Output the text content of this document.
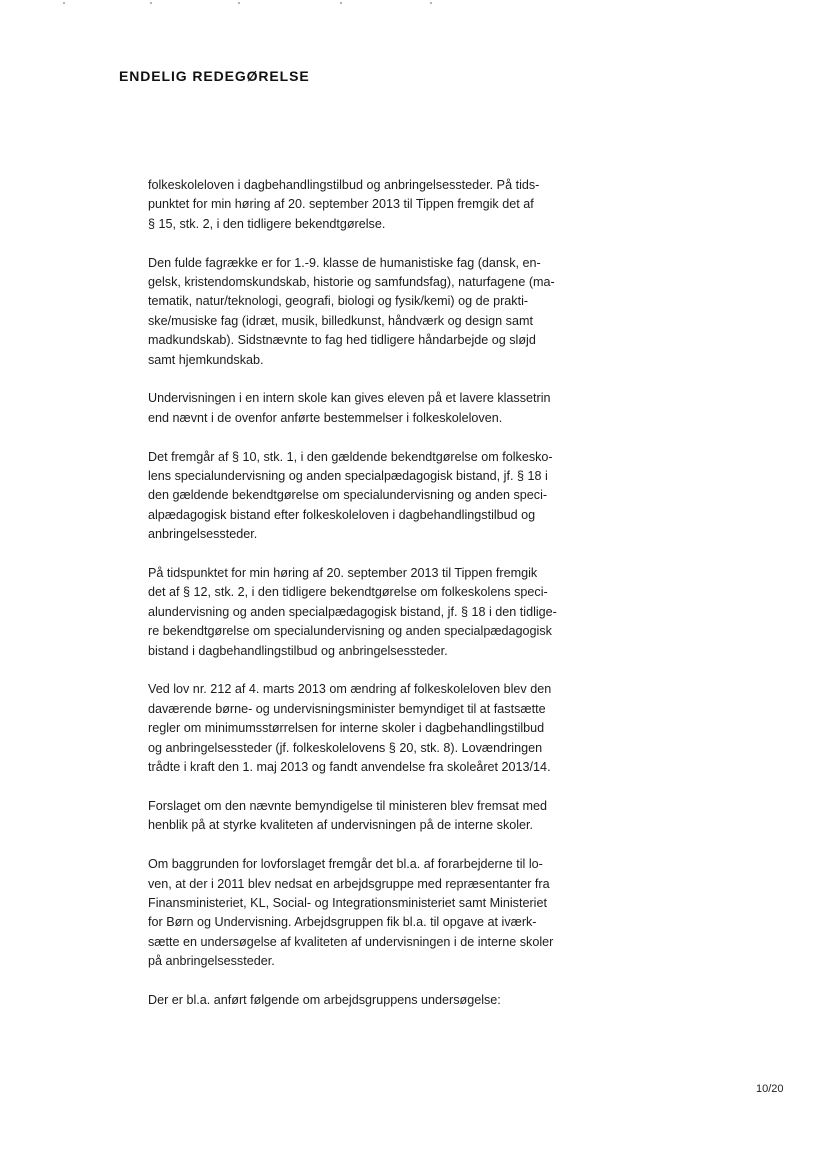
ENDELIG REDEGØRELSE

folkeskoleloven i dagbehandlingstilbud og anbringelsessteder. På tids-
punktet for min høring af 20. september 2013 til Tippen fremgik det af
§ 15, stk. 2, i den tidligere bekendtgørelse.

Den fulde fagrække er for 1.-9. klasse de humanistiske fag (dansk, en-
gelsk, kristendomskundskab, historie og samfundsfag), naturfagene (ma-
tematik, natur/teknologi, geografi, biologi og fysik/kemi) og de prakti-
ske/musiske fag (idræt, musik, billedkunst, håndværk og design samt
madkundskab). Sidstnævnte to fag hed tidligere håndarbejde og sløjd
samt hjemkundskab.

Undervisningen i en intern skole kan gives eleven på et lavere klassetrin
end nævnt i de ovenfor anførte bestemmelser i folkeskoleloven.

Det fremgår af § 10, stk. 1, i den gældende bekendtgørelse om folkesko-
lens specialundervisning og anden specialpædagogisk bistand, jf. § 18 i
den gældende bekendtgørelse om specialundervisning og anden speci-
alpædagogisk bistand efter folkeskoleloven i dagbehandlingstilbud og
anbringelsessteder.

På tidspunktet for min høring af 20. september 2013 til Tippen fremgik
det af § 12, stk. 2, i den tidligere bekendtgørelse om folkeskolens speci-
alundervisning og anden specialpædagogisk bistand, jf. § 18 i den tidlige-
re bekendtgørelse om specialundervisning og anden specialpædagogisk
bistand i dagbehandlingstilbud og anbringelsessteder.

Ved lov nr. 212 af 4. marts 2013 om ændring af folkeskoleloven blev den
daværende børne- og undervisningsminister bemyndiget til at fastsætte
regler om minimumsstørrelsen for interne skoler i dagbehandlingstilbud
og anbringelsessteder (jf. folkeskolelovens § 20, stk. 8). Lovændringen
trådte i kraft den 1. maj 2013 og fandt anvendelse fra skoleåret 2013/14.

Forslaget om den nævnte bemyndigelse til ministeren blev fremsat med
henblik på at styrke kvaliteten af undervisningen på de interne skoler.

Om baggrunden for lovforslaget fremgår det bl.a. af forarbejderne til lo-
ven, at der i 2011 blev nedsat en arbejdsgruppe med repræsentanter fra
Finansministeriet, KL, Social- og Integrationsministeriet samt Ministeriet
for Børn og Undervisning. Arbejdsgruppen fik bl.a. til opgave at iværk-
sætte en undersøgelse af kvaliteten af undervisningen i de interne skoler
på anbringelsessteder.

Der er bl.a. anført følgende om arbejdsgruppens undersøgelse:

10/20
